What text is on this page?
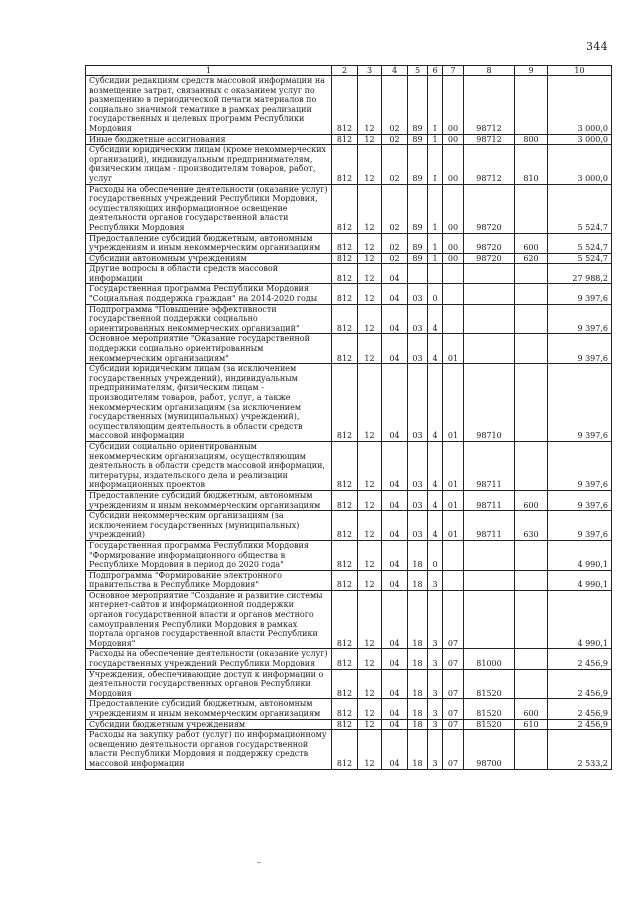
344
1	2	3	4	5	6	7	8	9	10
Субсидии редакциям средств массовой информации на возмещение затрат, связанных с оказанием услуг по размещению в периодической печати материалов по социально значимой тематике в рамках реализации государственных и целевых программ Республики Мордовия	812	12	02	89	I	00	98712		3 000,0
Иные бюджетные ассигнования	812	12	02	89	1	00	98712	800	3 000,0
Субсидии юридическим лицам (кроме некоммерческих организаций), индивидуальным предпринимателям, физическим лицам - производителям товаров, работ, услуг	812	12	02	89	I	00	98712	810	3 000,0
Расходы на обеспечение деятельности (оказание услуг) государственных учреждений Республики Мордовия, осуществляющих информационное освещение деятельности органов государственной власти Республики Мордовия	812	12	02	89	1	00	98720		5 524,7
Предоставление субсидий бюджетным, автономным учреждениям и иным некоммерческим организациям	812	12	02	89	1	00	98720	600	5 524,7
Субсидии автономным учреждениям	812	12	02	89	1	00	98720	620	5 524,7
Другие вопросы в области средств массовой информации	812	12	04						27 988,2
Государственная программа Республики Мордовия "Социальная поддержка граждан" на 2014-2020 годы	812	12	04	03	0				9 397,6
Подпрограмма "Повышение эффективности государственной поддержки социально ориентированных некоммерческих организаций"	812	12	04	03	4				9 397,6
Основное мероприятие "Оказание государственной поддержки социально ориентированным некоммерческим организациям"	812	12	04	03	4	01			9 397,6
Субсидии юридическим лицам (за исключением государственных учреждений), индивидуальным предпринимателям, физическим лицам - производителям товаров, работ, услуг, а также некоммерческим организациям (за исключением государственных (муниципальных) учреждений), осуществляющим деятельность в области средств массовой информации	812	12	04	03	4	01	98710		9 397,6
Субсидии социально ориентированным некоммерческим организациям, осуществляющим деятельность в области средств массовой информации, литературы, издательского дела и реализации информационных проектов	812	12	04	03	4	01	98711		9 397,6
Предоставление субсидий бюджетным, автономным учреждениям и иным некоммерческим организациям	812	12	04	03	4	01	98711	600	9 397,6
Субсидии некоммерческим организациям (за исключением государственных (муниципальных) учреждений)	812	12	04	03	4	01	98711	630	9 397,6
Государственная программа Республики Мордовия "Формирование информационного общества в Республике Мордовия в период до 2020 года"	812	12	04	18	0				4 990,1
Подпрограмма "Формирование электронного правительства в Республике Мордовия"	812	12	04	18	3				4 990,1
Основное мероприятие "Создание и развитие системы интернет-сайтов и информационной поддержки органов государственной власти и органов местного самоуправления Республики Мордовия в рамках портала органов государственной власти Республики Мордовия"	812	12	04	18	3	07			4 990,1
Расходы на обеспечение деятельности (оказание услуг) государственных учреждений Республики Мордовия	812	12	04	18	3	07	81000		2 456,9
Учреждения, обеспечивающие доступ к информации о деятельности государственных органов Республики Мордовия	812	12	04	18	3	07	81520		2 456,9
Предоставление субсидий бюджетным, автономным учреждениям и иным некоммерческим организациям	812	12	04	18	3	07	81520	600	2 456,9
Субсидии бюджетным учреждениям	812	12	04	18	3	07	81520	610	2 456,9
Расходы на закупку работ (услуг) по информационному освещению деятельности органов государственной власти Республики Мордовия и поддержку средств массовой информации	812	12	04	18	3	07	98700		2 533,2
